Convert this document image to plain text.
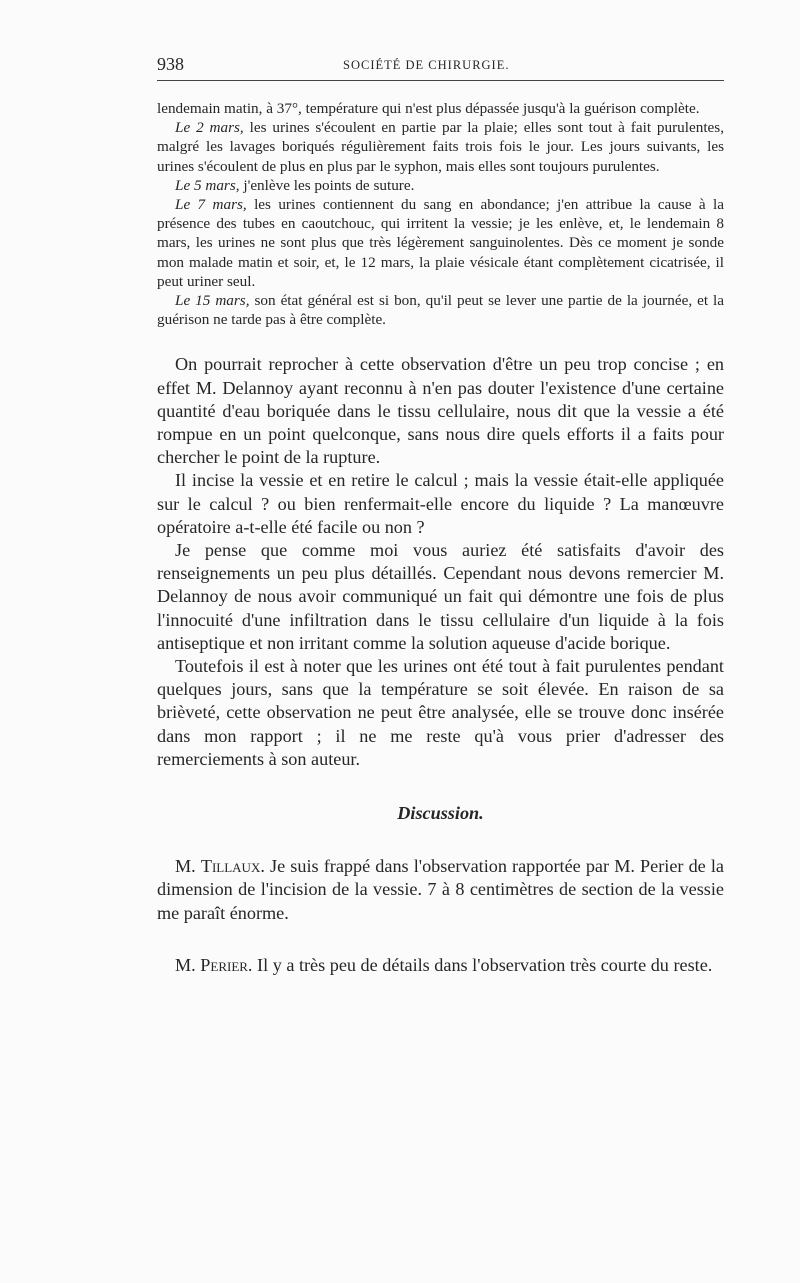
938	SOCIÉTÉ DE CHIRURGIE.

lendemain matin, à 37°, température qui n'est plus dépassée jusqu'à la guérison complète.

Le 2 mars, les urines s'écoulent en partie par la plaie; elles sont tout à fait purulentes, malgré les lavages boriqués régulièrement faits trois fois le jour. Les jours suivants, les urines s'écoulent de plus en plus par le syphon, mais elles sont toujours purulentes.

Le 5 mars, j'enlève les points de suture.

Le 7 mars, les urines contiennent du sang en abondance; j'en attribue la cause à la présence des tubes en caoutchouc, qui irritent la vessie; je les enlève, et, le lendemain 8 mars, les urines ne sont plus que très légèrement sanguinolentes. Dès ce moment je sonde mon malade matin et soir, et, le 12 mars, la plaie vésicale étant complètement cicatrisée, il peut uriner seul.

Le 15 mars, son état général est si bon, qu'il peut se lever une partie de la journée, et la guérison ne tarde pas à être complète.

On pourrait reprocher à cette observation d'être un peu trop concise ; en effet M. Delannoy ayant reconnu à n'en pas douter l'existence d'une certaine quantité d'eau boriquée dans le tissu cellulaire, nous dit que la vessie a été rompue en un point quelconque, sans nous dire quels efforts il a faits pour chercher le point de la rupture.

Il incise la vessie et en retire le calcul ; mais la vessie était-elle appliquée sur le calcul ? ou bien renfermait-elle encore du liquide ? La manœuvre opératoire a-t-elle été facile ou non ?

Je pense que comme moi vous auriez été satisfaits d'avoir des renseignements un peu plus détaillés. Cependant nous devons remercier M. Delannoy de nous avoir communiqué un fait qui démontre une fois de plus l'innocuité d'une infiltration dans le tissu cellulaire d'un liquide à la fois antiseptique et non irritant comme la solution aqueuse d'acide borique.

Toutefois il est à noter que les urines ont été tout à fait purulentes pendant quelques jours, sans que la température se soit élevée. En raison de sa brièveté, cette observation ne peut être analysée, elle se trouve donc insérée dans mon rapport ; il ne me reste qu'à vous prier d'adresser des remerciements à son auteur.

Discussion.

M. Tillaux. Je suis frappé dans l'observation rapportée par M. Perier de la dimension de l'incision de la vessie. 7 à 8 centimètres de section de la vessie me paraît énorme.

M. Perier. Il y a très peu de détails dans l'observation très courte du reste.
